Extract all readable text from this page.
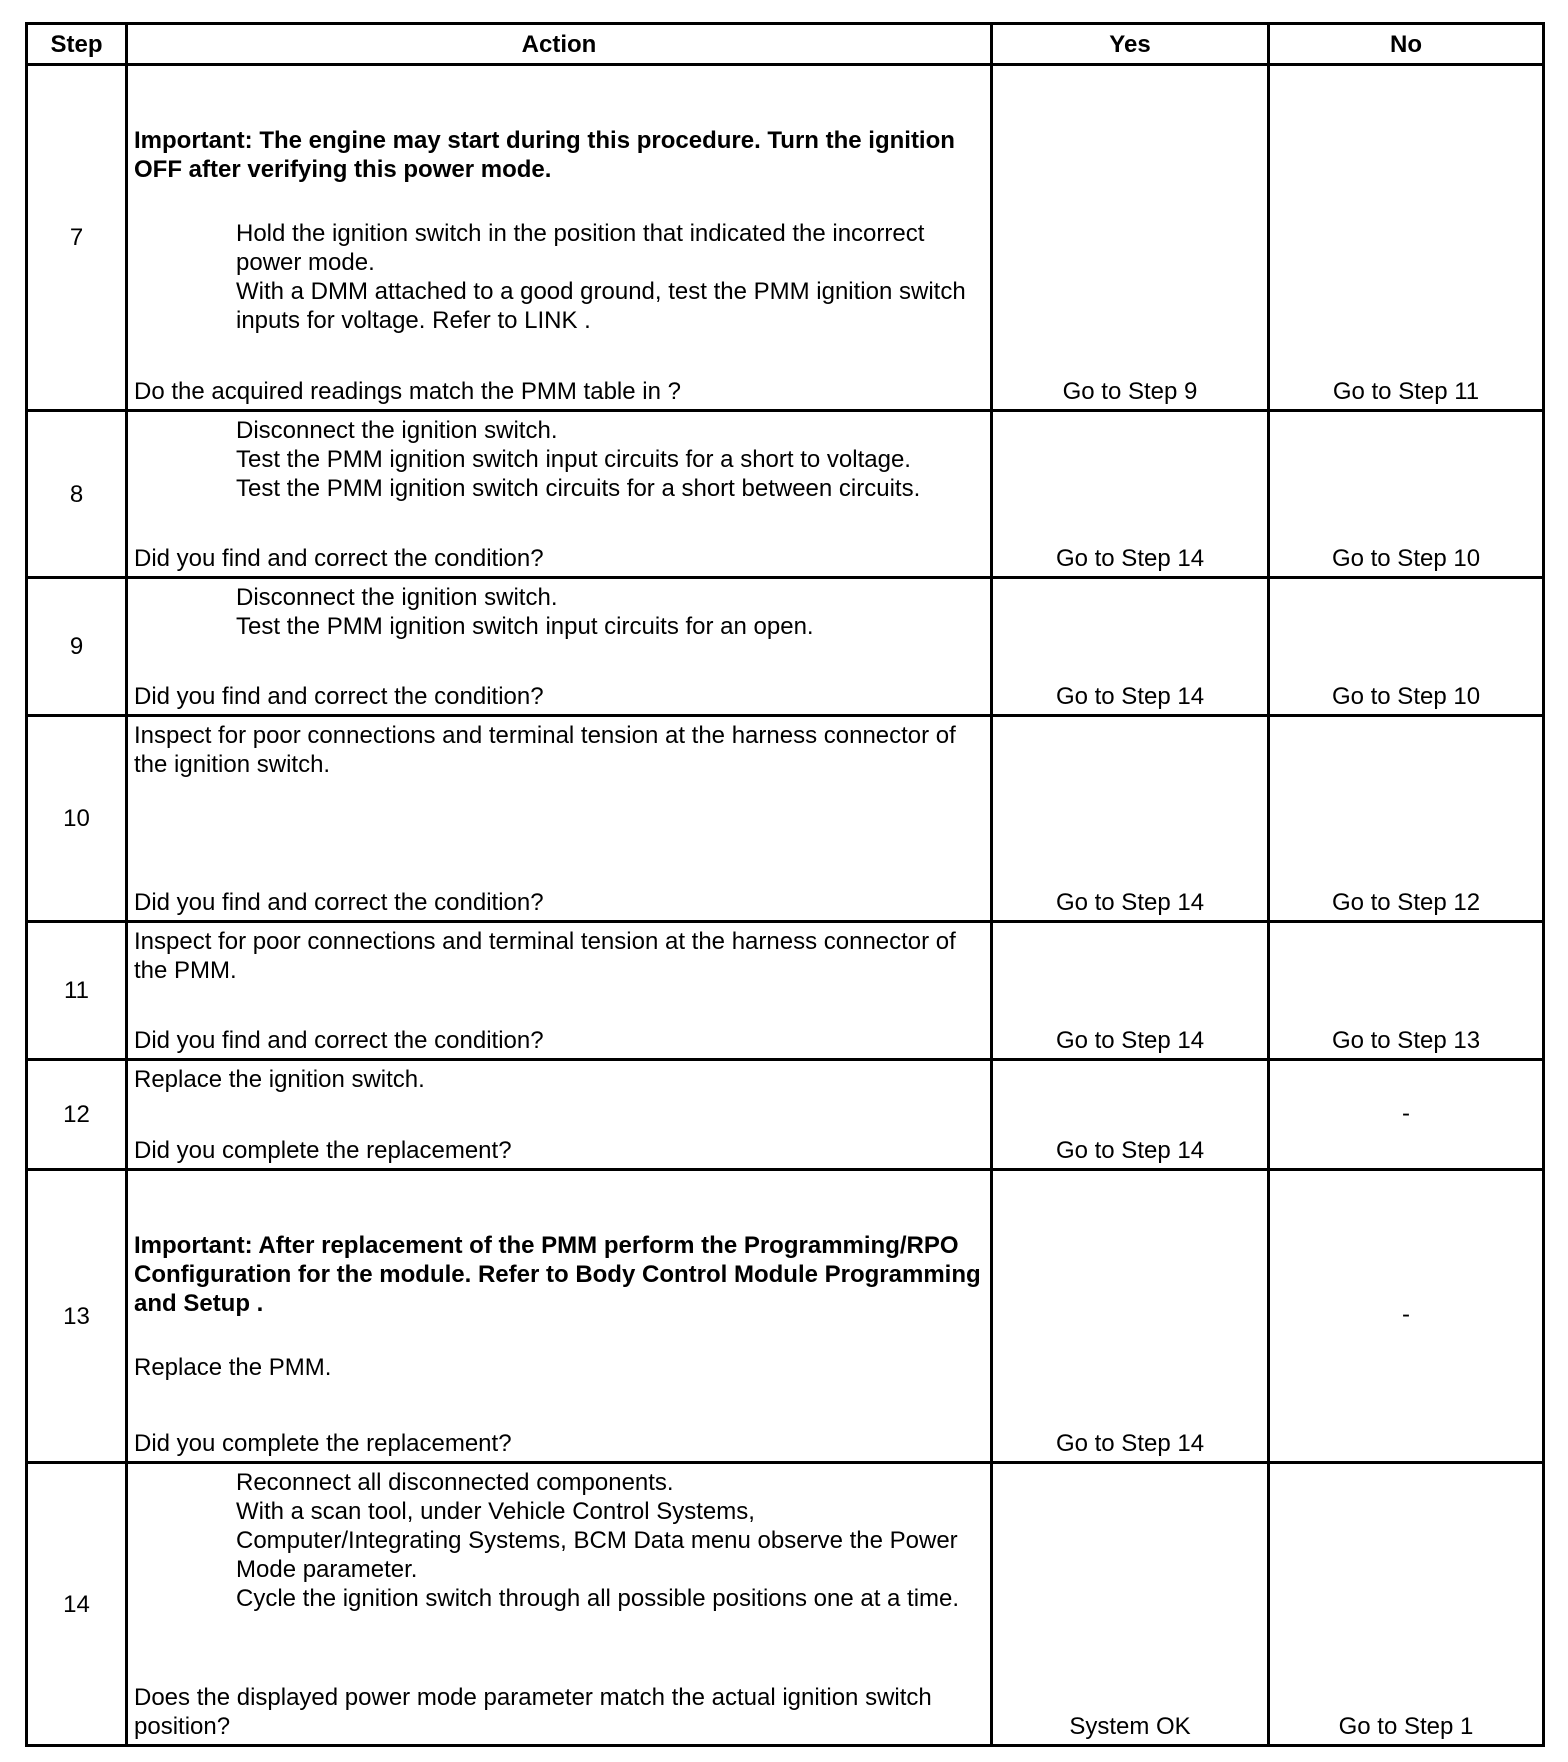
Step	Action	Yes	No
7	Important: The engine may start during this procedure. Turn the ignition OFF after verifying this power mode.
Hold the ignition switch in the position that indicated the incorrect power mode.
With a DMM attached to a good ground, test the PMM ignition switch inputs for voltage. Refer to LINK .
Do the acquired readings match the PMM table in ?	Go to Step 9	Go to Step 11
8	Disconnect the ignition switch.
Test the PMM ignition switch input circuits for a short to voltage.
Test the PMM ignition switch circuits for a short between circuits.
Did you find and correct the condition?	Go to Step 14	Go to Step 10
9	Disconnect the ignition switch.
Test the PMM ignition switch input circuits for an open.
Did you find and correct the condition?	Go to Step 14	Go to Step 10
10	Inspect for poor connections and terminal tension at the harness connector of the ignition switch.
Did you find and correct the condition?	Go to Step 14	Go to Step 12
11	Inspect for poor connections and terminal tension at the harness connector of the PMM.
Did you find and correct the condition?	Go to Step 14	Go to Step 13
12	Replace the ignition switch.
Did you complete the replacement?	Go to Step 14	-
13	Important: After replacement of the PMM perform the Programming/RPO Configuration for the module. Refer to Body Control Module Programming and Setup .
Replace the PMM.
Did you complete the replacement?	Go to Step 14	-
14	Reconnect all disconnected components.
With a scan tool, under Vehicle Control Systems, Computer/Integrating Systems, BCM Data menu observe the Power Mode parameter.
Cycle the ignition switch through all possible positions one at a time.
Does the displayed power mode parameter match the actual ignition switch position?	System OK	Go to Step 1
